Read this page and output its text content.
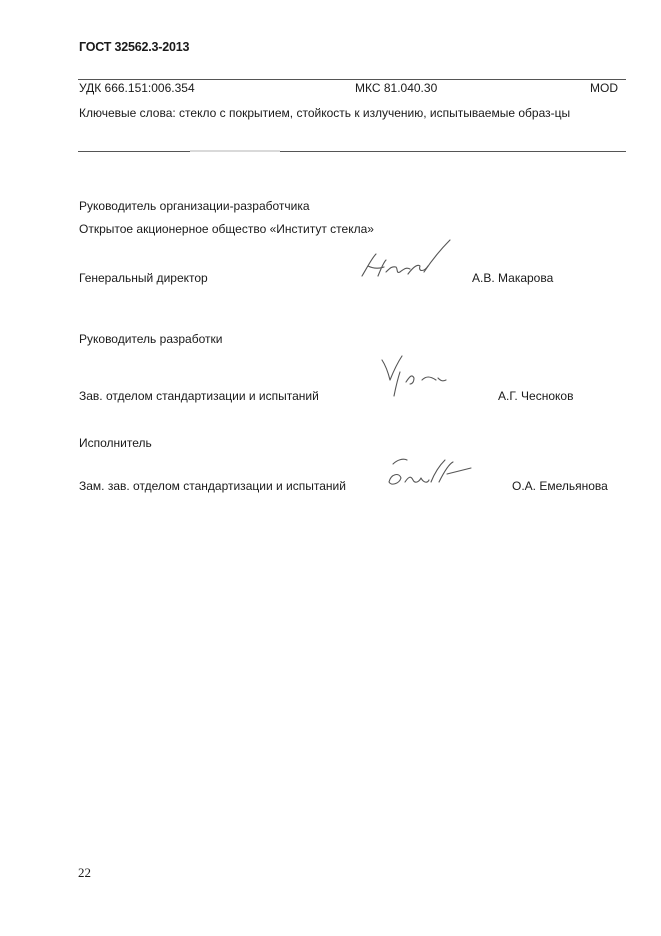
ГОСТ 32562.3-2013
УДК 666.151:006.354	МКС 81.040.30	MOD
Ключевые слова: стекло с покрытием, стойкость к излучению, испытываемые образ-цы
Руководитель организации-разработчика
Открытое акционерное общество «Институт стекла»
Генеральный директор	А.В. Макарова
Руководитель разработки
Зав. отделом стандартизации и испытаний	А.Г. Чесноков
Исполнитель
Зам. зав. отделом стандартизации и испытаний	О.А. Емельянова
22
